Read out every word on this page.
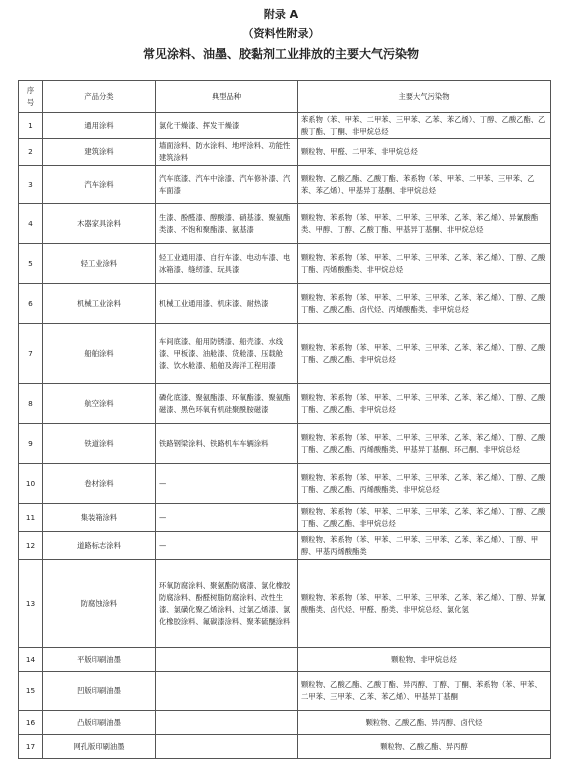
附录 A
（资料性附录）
常见涂料、油墨、胶黏剂工业排放的主要大气污染物
序
号	产品分类	典型品种	主要大气污染物
1	通用涂料	氯化干燥漆、挥发干燥漆	苯系物（苯、甲苯、二甲苯、三甲苯、乙苯、苯乙烯）、丁醇、乙酸乙酯、乙酸丁酯、丁酮、非甲烷总烃
2	建筑涂料	墙面涂料、防水涂料、地坪涂料、功能性建筑涂料	颗粒物、甲醛、二甲苯、非甲烷总烃
3	汽车涂料	汽车底漆、汽车中涂漆、汽车修补漆、汽车面漆	颗粒物、乙酸乙酯、乙酸丁酯、苯系物（苯、甲苯、二甲苯、三甲苯、乙苯、苯乙烯）、甲基异丁基酮、非甲烷总烃
4	木器家具涂料	生漆、酚醛漆、醇酸漆、硝基漆、聚氨酯类漆、不饱和聚酯漆、氨基漆	颗粒物、苯系物（苯、甲苯、二甲苯、三甲苯、乙苯、苯乙烯）、异氰酸酯类、甲醇、丁醇、乙酸丁酯、甲基异丁基酮、非甲烷总烃
5	轻工业涂料	轻工业通用漆、自行车漆、电动车漆、电冰箱漆、缝纫漆、玩具漆	颗粒物、苯系物（苯、甲苯、二甲苯、三甲苯、乙苯、苯乙烯）、丁醇、乙酸丁酯、丙烯酸酯类、非甲烷总烃
6	机械工业涂料	机械工业通用漆、机床漆、耐热漆	颗粒物、苯系物（苯、甲苯、二甲苯、三甲苯、乙苯、苯乙烯）、丁醇、乙酸丁酯、乙酸乙酯、卤代烃、丙烯酸酯类、非甲烷总烃
7	船舶涂料	车间底漆、船用防锈漆、船壳漆、水线漆、甲板漆、油舱漆、货舱漆、压载舱漆、饮水舱漆、船舶及海洋工程用漆	颗粒物、苯系物（苯、甲苯、二甲苯、三甲苯、乙苯、苯乙烯）、丁醇、乙酸丁酯、乙酸乙酯、非甲烷总烃
8	航空涂料	磷化底漆、聚氨酯漆、环氧酯漆、聚氨酯磁漆、黑色环氧有机硅聚酰胺磁漆	颗粒物、苯系物（苯、甲苯、二甲苯、三甲苯、乙苯、苯乙烯）、丁醇、乙酸丁酯、乙酸乙酯、非甲烷总烃
9	铁道涂料	铁路钢梁涂料、铁路机车车辆涂料	颗粒物、苯系物（苯、甲苯、二甲苯、三甲苯、乙苯、苯乙烯）、丁醇、乙酸丁酯、乙酸乙酯、丙烯酸酯类、甲基异丁基酮、环己酮、非甲烷总烃
10	卷材涂料	—	颗粒物、苯系物（苯、甲苯、二甲苯、三甲苯、乙苯、苯乙烯）、丁醇、乙酸丁酯、乙酸乙酯、丙烯酸酯类、非甲烷总烃
11	集装箱涂料	—	颗粒物、苯系物（苯、甲苯、二甲苯、三甲苯、乙苯、苯乙烯）、丁醇、乙酸丁酯、乙酸乙酯、非甲烷总烃
12	道路标志涂料	—	颗粒物、苯系物（苯、甲苯、二甲苯、三甲苯、乙苯、苯乙烯）、丁醇、甲醇、甲基丙烯酸酯类
13	防腐蚀涂料	环氧防腐涂料、聚氨酯防腐漆、氯化橡胶防腐涂料、酚醛树脂防腐涂料、改性生漆、氯磺化聚乙烯涂料、过氯乙烯漆、氯化橡胶涂料、氟碳漆涂料、聚苯硫醚涂料	颗粒物、苯系物（苯、甲苯、二甲苯、三甲苯、乙苯、苯乙烯）、丁醇、异氰酸酯类、卤代烃、甲醛、酚类、非甲烷总烃、氯化氢
14	平版印刷油墨		颗粒物、非甲烷总烃
15	凹版印刷油墨		颗粒物、乙酸乙酯、乙酸丁酯、异丙醇、丁醇、丁酮、苯系物（苯、甲苯、二甲苯、三甲苯、乙苯、苯乙烯）、甲基异丁基酮
16	凸版印刷油墨		颗粒物、乙酸乙酯、异丙醇、卤代烃
17	网孔版印刷油墨		颗粒物、乙酸乙酯、异丙醇
